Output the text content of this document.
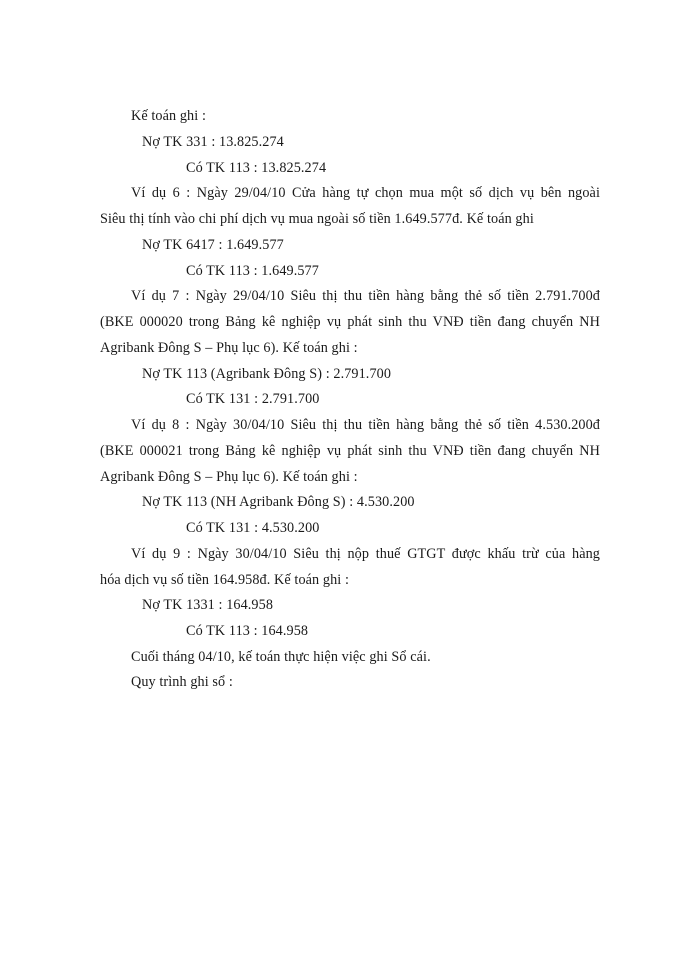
Kế toán ghi :
Nợ TK 331 : 13.825.274
Có TK 113 : 13.825.274
Ví dụ 6 : Ngày 29/04/10 Cửa hàng tự chọn mua một số dịch vụ bên ngoài
Siêu thị tính vào chi phí dịch vụ mua ngoài số tiền 1.649.577đ. Kế toán ghi
Nợ TK 6417 : 1.649.577
Có TK 113 : 1.649.577
Ví dụ 7 : Ngày 29/04/10 Siêu thị thu tiền hàng bằng thẻ số tiền 2.791.700đ
(BKE 000020 trong Bảng kê nghiệp vụ phát sinh thu VNĐ tiền đang chuyển NH
Agribank Đông S – Phụ lục 6). Kế toán ghi :
Nợ TK 113 (Agribank Đông S) : 2.791.700
Có TK 131 : 2.791.700
Ví dụ 8 : Ngày 30/04/10 Siêu thị thu tiền hàng bằng thẻ số tiền 4.530.200đ
(BKE 000021 trong Bảng kê nghiệp vụ phát sinh thu VNĐ tiền đang chuyển NH
Agribank Đông S – Phụ lục 6). Kế toán ghi :
Nợ TK 113 (NH Agribank Đông S) : 4.530.200
Có TK 131 : 4.530.200
Ví dụ 9 : Ngày 30/04/10 Siêu thị nộp thuế GTGT được khấu trừ của hàng
hóa dịch vụ số tiền 164.958đ. Kế toán ghi :
Nợ TK 1331 : 164.958
Có TK 113 : 164.958
Cuối tháng 04/10, kế toán thực hiện việc ghi Sổ cái.
Quy trình ghi sổ :
